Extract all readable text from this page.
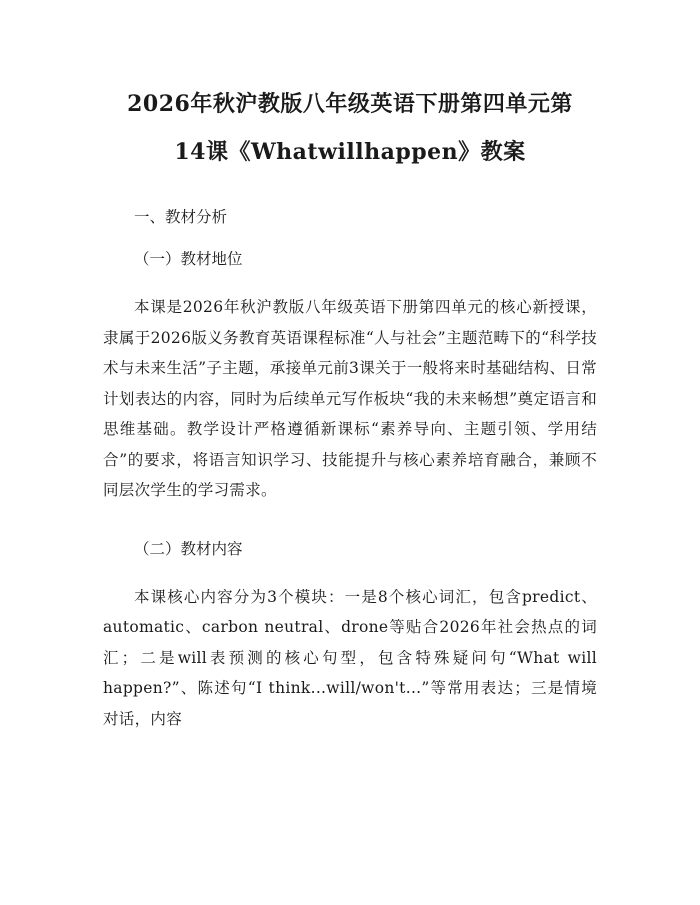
2026年秋沪教版八年级英语下册第四单元第
14课《Whatwillhappen》教案

一、教材分析

（一）教材地位

本课是2026年秋沪教版八年级英语下册第四单元的核心新授课，隶属于2026版义务教育英语课程标准“人与社会”主题范畴下的“科学技术与未来生活”子主题，承接单元前3课关于一般将来时基础结构、日常计划表达的内容，同时为后续单元写作板块“我的未来畅想”奠定语言和思维基础。教学设计严格遵循新课标“素养导向、主题引领、学用结合”的要求，将语言知识学习、技能提升与核心素养培育融合，兼顾不同层次学生的学习需求。

（二）教材内容

本课核心内容分为3个模块：一是8个核心词汇，包含predict、automatic、carbon neutral、drone等贴合2026年社会热点的词汇；二是will表预测的核心句型，包含特殊疑问句“What will happen?”、陈述句“I think...will/won't...”等常用表达；三是情境对话，内容
